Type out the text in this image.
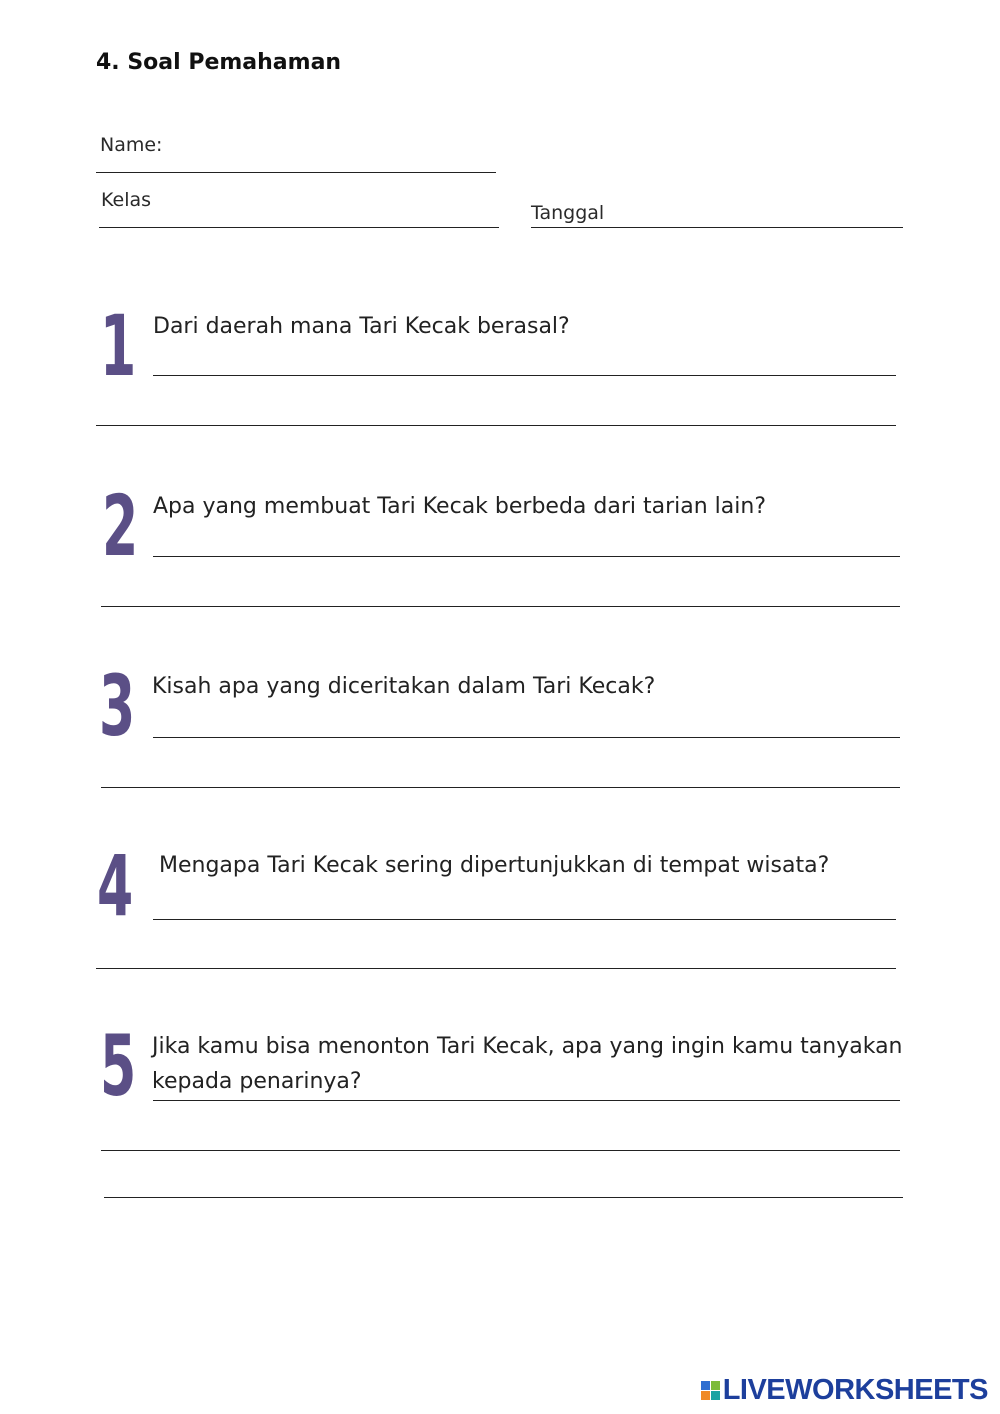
4. Soal Pemahaman
Name:
Kelas
Tanggal
1 Dari daerah mana Tari Kecak berasal?
2 Apa yang membuat Tari Kecak berbeda dari tarian lain?
3 Kisah apa yang diceritakan dalam Tari Kecak?
4 Mengapa Tari Kecak sering dipertunjukkan di tempat wisata?
5 Jika kamu bisa menonton Tari Kecak, apa yang ingin kamu tanyakan
kepada penarinya?
LIVEWORKSHEETS
